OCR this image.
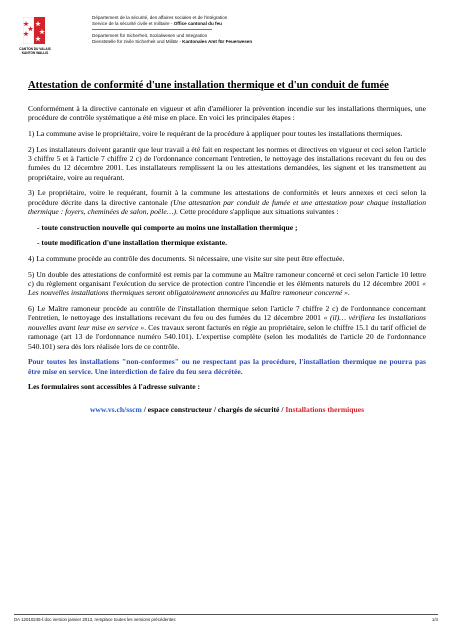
CANTON DU VALAIS
KANTON WALLIS
Département de la sécurité, des affaires sociales et de l'intégration
Service de la sécurité civile et militaire - Office cantonal du feu
Departement für Sicherheit, Sozialwesen und Integration
Dienststelle für zivile Sicherheit und Militär - Kantonales Amt für Feuerwesen
Attestation de conformité d'une installation thermique et d'un conduit de fumée

Conformément à la directive cantonale en vigueur et afin d'améliorer la prévention incendie sur les installations thermiques, une procédure de contrôle systématique a été mise en place. En voici les principales étapes :

1) La commune avise le propriétaire, voire le requérant de la procédure à appliquer pour toutes les installations thermiques.

2) Les installateurs doivent garantir que leur travail a été fait en respectant les normes et directives en vigueur et ceci selon l'article 3 chiffre 5 et à l'article 7 chiffre 2 c) de l'ordonnance concernant l'entretien, le nettoyage des installations recevant du feu ou des fumées du 12 décembre 2001. Les installateurs remplissent la ou les attestations demandées, les signent et les transmettent au propriétaire, voire au requérant.

3) Le propriétaire, voire le requérant, fournit à la commune les attestations de conformités et leurs annexes et ceci selon la procédure décrite dans la directive cantonale (Une attestation par conduit de fumée et une attestation pour chaque installation thermique : foyers, cheminées de salon, poêle…). Cette procédure s'applique aux situations suivantes :

- toute construction nouvelle qui comporte au moins une installation thermique ;

- toute modification d'une installation thermique existante.

4) La commune procède au contrôle des documents. Si nécessaire, une visite sur site peut être effectuée.

5) Un double des attestations de conformité est remis par la commune au Maître ramoneur concerné et ceci selon l'article 10 lettre c) du règlement organisant l'exécution du service de protection contre l'incendie et les éléments naturels du 12 décembre 2001 « Les nouvelles installations thermiques seront obligatoirement annoncées au Maître ramoneur concerné ».

6) Le Maître ramoneur procède au contrôle de l'installation thermique selon l'article 7 chiffre 2 c) de l'ordonnance concernant l'entretien, le nettoyage des installations recevant du feu ou des fumées du 12 décembre 2001 « (il)… vérifiera les installations nouvelles avant leur mise en service ». Ces travaux seront facturés en régie au propriétaire, selon le chiffre 15.1 du tarif officiel de ramonage (art 13 de l'ordonnance numéro 540.101). L'expertise complète (selon les modalités de l'article 20 de l'ordonnance 540.101) sera dès lors réalisée lors de ce contrôle.

Pour toutes les installations "non-conformes" ou ne respectant pas la procédure, l'installation thermique ne pourra pas être mise en service. Une interdiction de faire du feu sera décrétée.

Les formulaires sont accessibles à l'adresse suivante :

www.vs.ch/sscm / espace constructeur / chargés de sécurité / Installations thermiques

DA 12010245-f.doc version janvier 2013, remplace toutes les versions précédentes	1/4
